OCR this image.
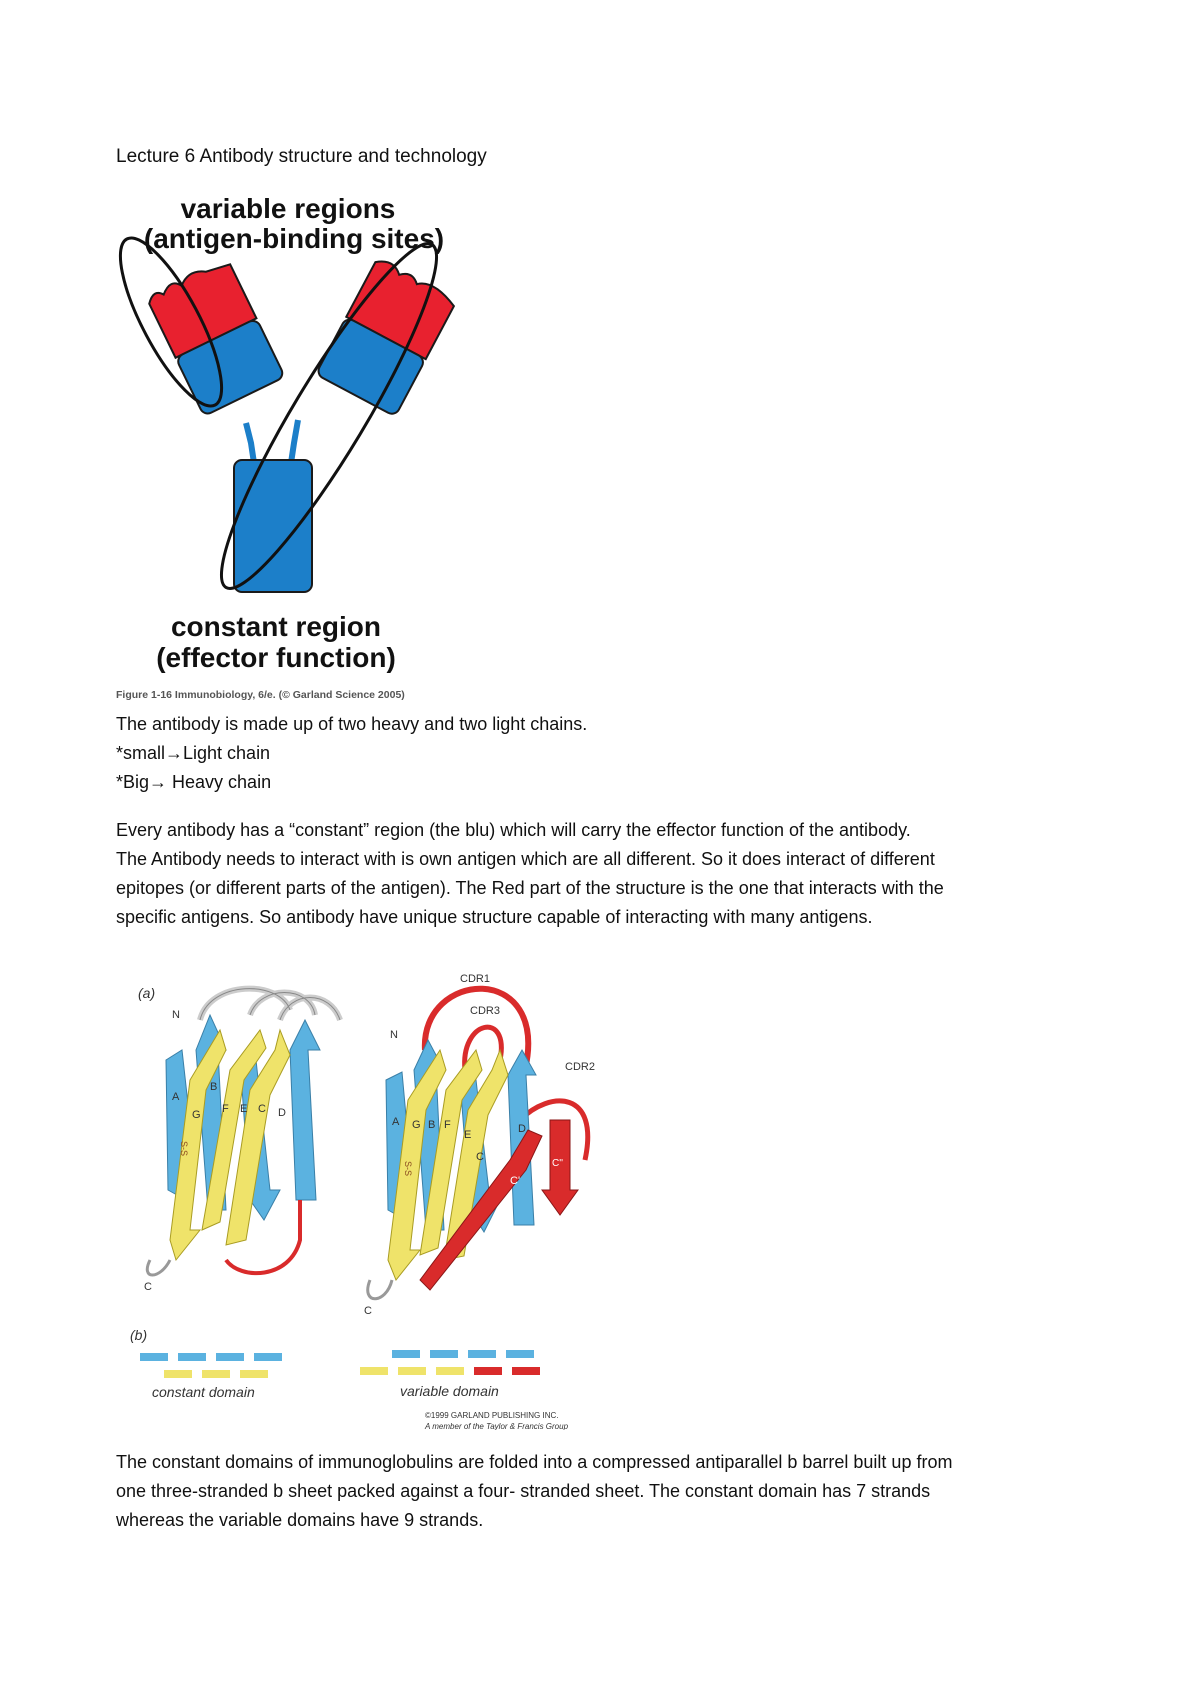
Lecture 6 Antibody structure and technology
variable regions
(antigen-binding sites)
constant region
(effector function)
Figure 1-16 Immunobiology, 6/e. (© Garland Science 2005)
The antibody is made up of two heavy and two light chains.
*small→Light chain
*Big→ Heavy chain
Every antibody has a “constant” region (the blu) which will carry the effector function of the antibody.
The Antibody needs to interact with is own antigen which are all different. So it does interact of different
epitopes (or different parts of the antigen). The Red part of the structure is the one that interacts with the
specific antigens. So antibody have unique structure capable of interacting with many antigens.
(a)
N
C
A
B
G F E C D
S-S
CDR1
CDR3
CDR2
N
C
A G B F
E
C
D
C'
C''
S-S
(b)
constant domain	variable domain
©1999 GARLAND PUBLISHING INC.
A member of the Taylor & Francis Group
The constant domains of immunoglobulins are folded into a compressed antiparallel b barrel built up from
one three-stranded b sheet packed against a four- stranded sheet. The constant domain has 7 strands
whereas the variable domains have 9 strands.
